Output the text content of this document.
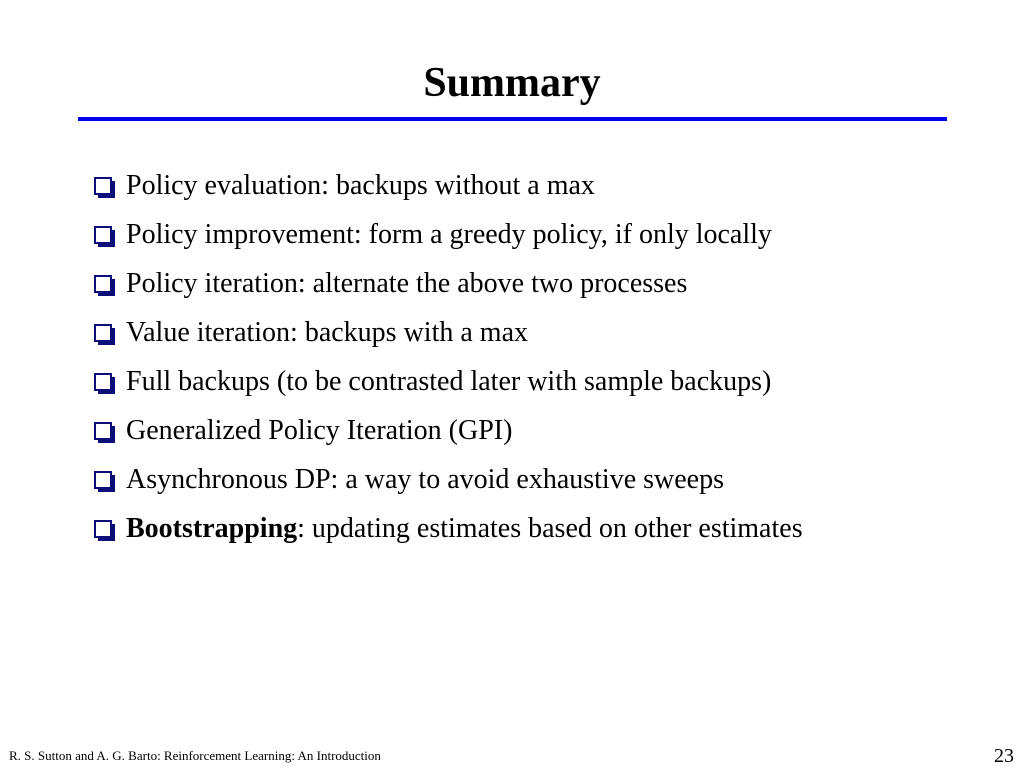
Summary
Policy evaluation: backups without a max
Policy improvement: form a greedy policy, if only locally
Policy iteration: alternate the above two processes
Value iteration: backups with a max
Full backups (to be contrasted later with sample backups)
Generalized Policy Iteration (GPI)
Asynchronous DP: a way to avoid exhaustive sweeps
Bootstrapping: updating estimates based on other estimates
R. S. Sutton and A. G. Barto: Reinforcement Learning: An Introduction	23
